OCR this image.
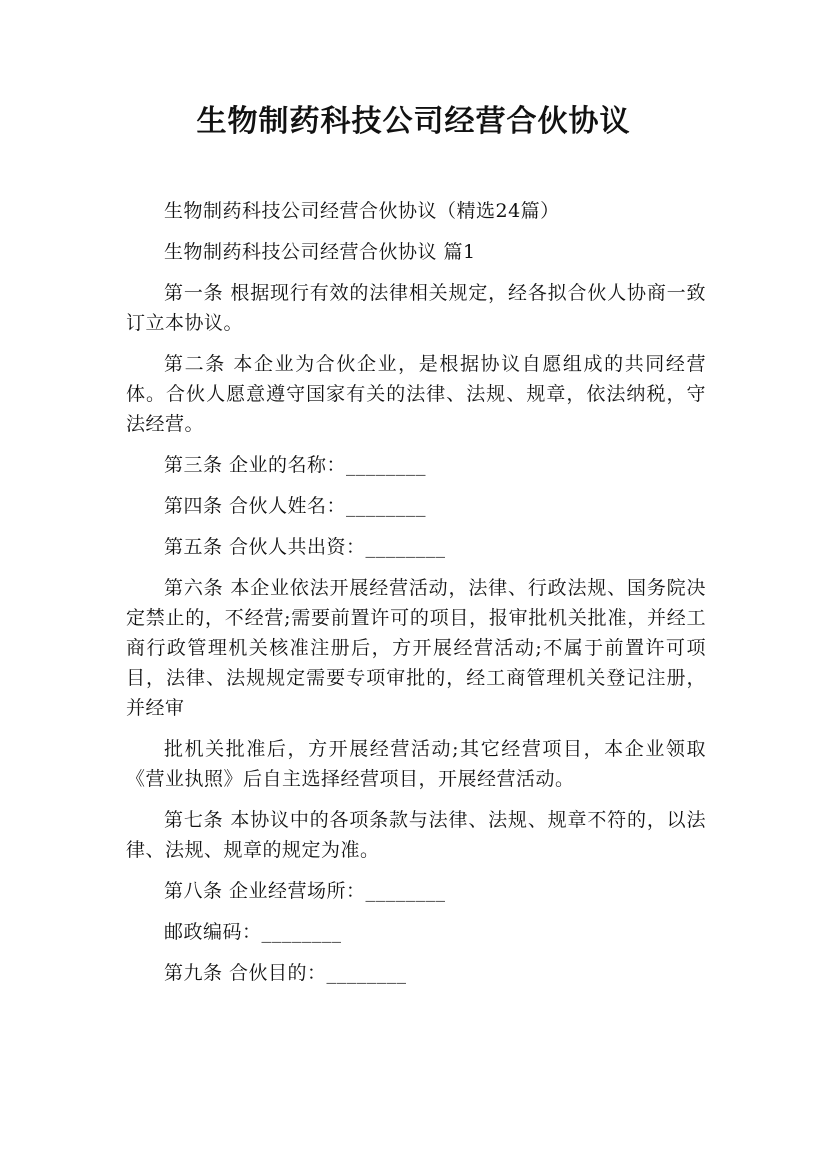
生物制药科技公司经营合伙协议

生物制药科技公司经营合伙协议（精选24篇）

生物制药科技公司经营合伙协议 篇1

第一条 根据现行有效的法律相关规定，经各拟合伙人协商一致订立本协议。

第二条 本企业为合伙企业，是根据协议自愿组成的共同经营体。合伙人愿意遵守国家有关的法律、法规、规章，依法纳税，守法经营。

第三条 企业的名称：________

第四条 合伙人姓名：________

第五条 合伙人共出资：________

第六条 本企业依法开展经营活动，法律、行政法规、国务院决定禁止的，不经营;需要前置许可的项目，报审批机关批准，并经工商行政管理机关核准注册后，方开展经营活动;不属于前置许可项目，法律、法规规定需要专项审批的，经工商管理机关登记注册，并经审

批机关批准后，方开展经营活动;其它经营项目，本企业领取《营业执照》后自主选择经营项目，开展经营活动。

第七条 本协议中的各项条款与法律、法规、规章不符的，以法律、法规、规章的规定为准。

第八条 企业经营场所：________

邮政编码：________

第九条 合伙目的：________
